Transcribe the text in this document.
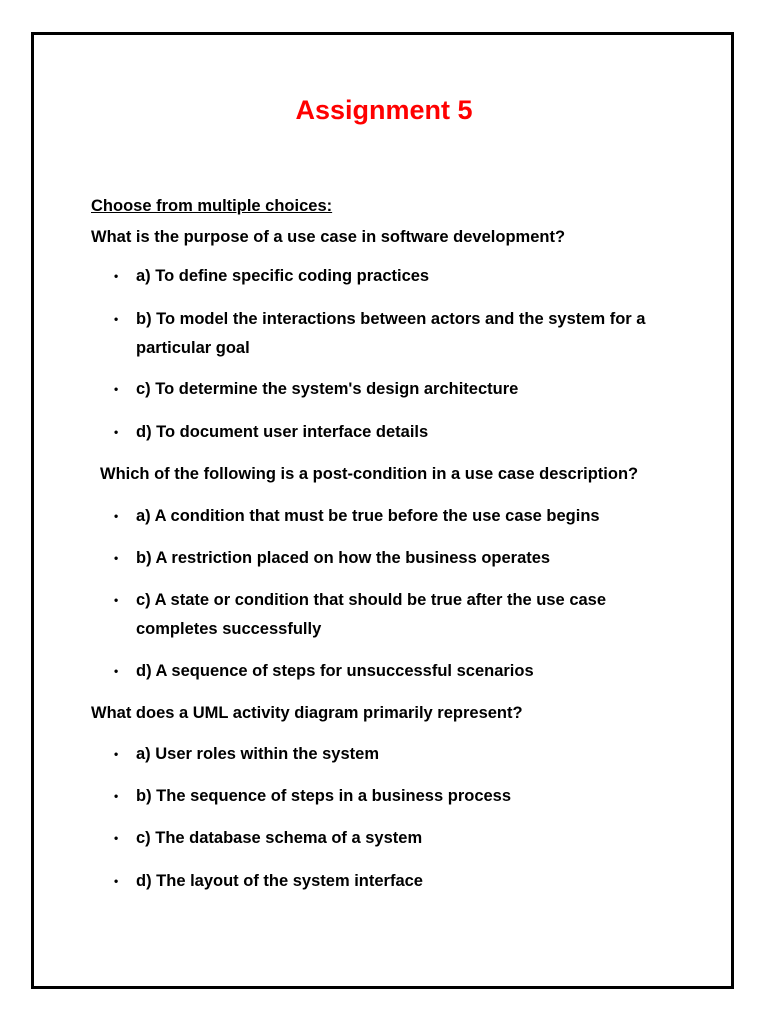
Assignment 5
Choose from multiple choices:
What is the purpose of a use case in software development?
• a) To define specific coding practices
• b) To model the interactions between actors and the system for a particular goal
• c) To determine the system's design architecture
• d) To document user interface details
Which of the following is a post-condition in a use case description?
• a) A condition that must be true before the use case begins
• b) A restriction placed on how the business operates
• c) A state or condition that should be true after the use case completes successfully
• d) A sequence of steps for unsuccessful scenarios
What does a UML activity diagram primarily represent?
• a) User roles within the system
• b) The sequence of steps in a business process
• c) The database schema of a system
• d) The layout of the system interface
